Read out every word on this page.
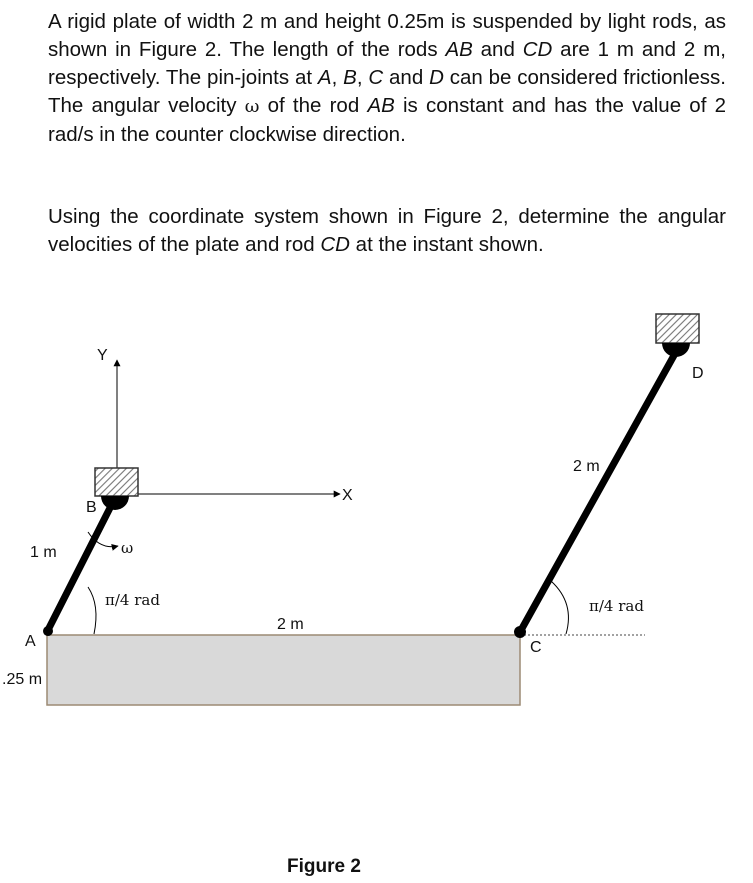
A rigid plate of width 2 m and height 0.25m is suspended by light rods, as shown in Figure 2. The length of the rods AB and CD are 1 m and 2 m, respectively. The pin-joints at A, B, C and D can be considered frictionless. The angular velocity ω of the rod AB is constant and has the value of 2 rad/s in the counter clockwise direction.

Using the coordinate system shown in Figure 2, determine the angular velocities of the plate and rod CD at the instant shown.

Y
X
ω
A
B
C
D
1 m
2 m
2 m
.25 m
π/4 rad	π/4 rad
Figure 2
